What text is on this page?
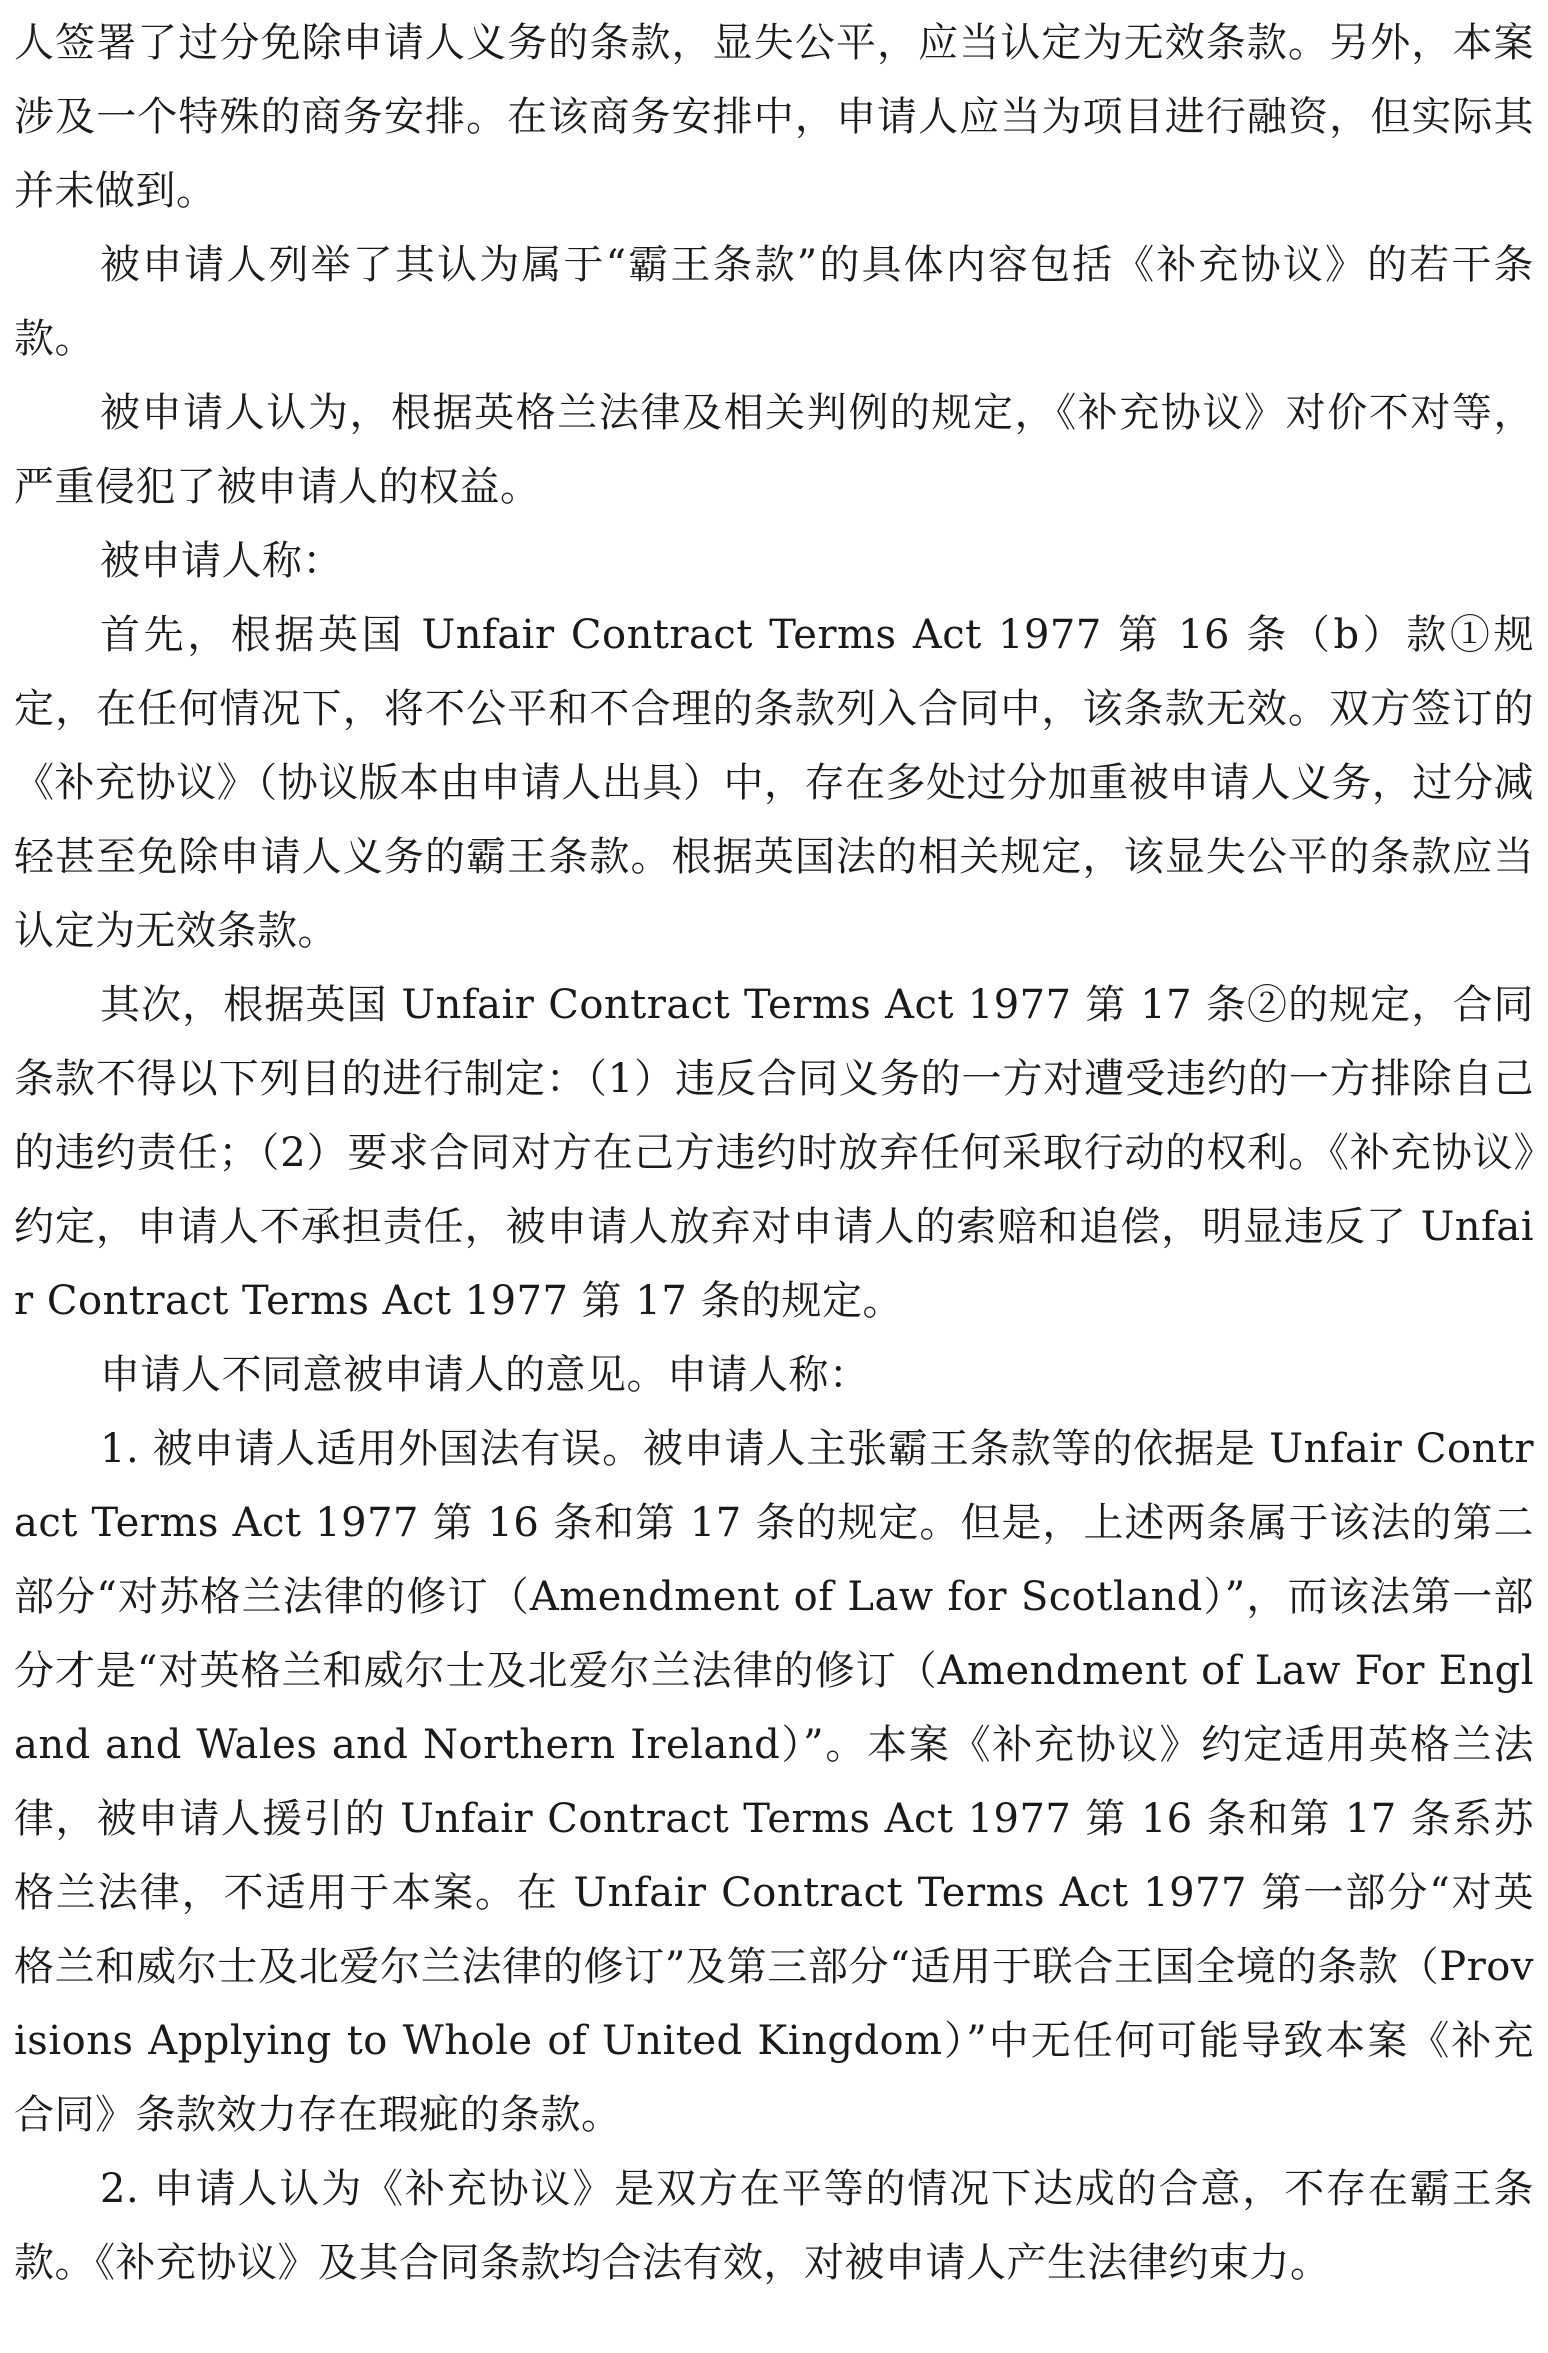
人签署了过分免除申请人义务的条款，显失公平，应当认定为无效条款。另外，本案涉及一个特殊的商务安排。在该商务安排中，申请人应当为项目进行融资，但实际其并未做到。

被申请人列举了其认为属于“霸王条款”的具体内容包括《补充协议》的若干条款。

被申请人认为，根据英格兰法律及相关判例的规定，《补充协议》对价不对等，严重侵犯了被申请人的权益。

被申请人称：

首先，根据英国 Unfair Contract Terms Act 1977 第 16 条（b）款①规定，在任何情况下，将不公平和不合理的条款列入合同中，该条款无效。双方签订的《补充协议》（协议版本由申请人出具）中，存在多处过分加重被申请人义务，过分减轻甚至免除申请人义务的霸王条款。根据英国法的相关规定，该显失公平的条款应当认定为无效条款。

其次，根据英国 Unfair Contract Terms Act 1977 第 17 条②的规定，合同条款不得以下列目的进行制定：（1）违反合同义务的一方对遭受违约的一方排除自己的违约责任；（2）要求合同对方在己方违约时放弃任何采取行动的权利。《补充协议》约定，申请人不承担责任，被申请人放弃对申请人的索赔和追偿，明显违反了 Unfair Contract Terms Act 1977 第 17 条的规定。

申请人不同意被申请人的意见。申请人称：

1. 被申请人适用外国法有误。被申请人主张霸王条款等的依据是 Unfair Contract Terms Act 1977 第 16 条和第 17 条的规定。但是，上述两条属于该法的第二部分“对苏格兰法律的修订（Amendment of Law for Scotland）”，而该法第一部分才是“对英格兰和威尔士及北爱尔兰法律的修订（Amendment of Law For England and Wales and Northern Ireland）”。本案《补充协议》约定适用英格兰法律，被申请人援引的 Unfair Contract Terms Act 1977 第 16 条和第 17 条系苏格兰法律，不适用于本案。在 Unfair Contract Terms Act 1977 第一部分“对英格兰和威尔士及北爱尔兰法律的修订”及第三部分“适用于联合王国全境的条款（Provisions Applying to Whole of United Kingdom）”中无任何可能导致本案《补充合同》条款效力存在瑕疵的条款。

2. 申请人认为《补充协议》是双方在平等的情况下达成的合意，不存在霸王条款。《补充协议》及其合同条款均合法有效，对被申请人产生法律约束力。
